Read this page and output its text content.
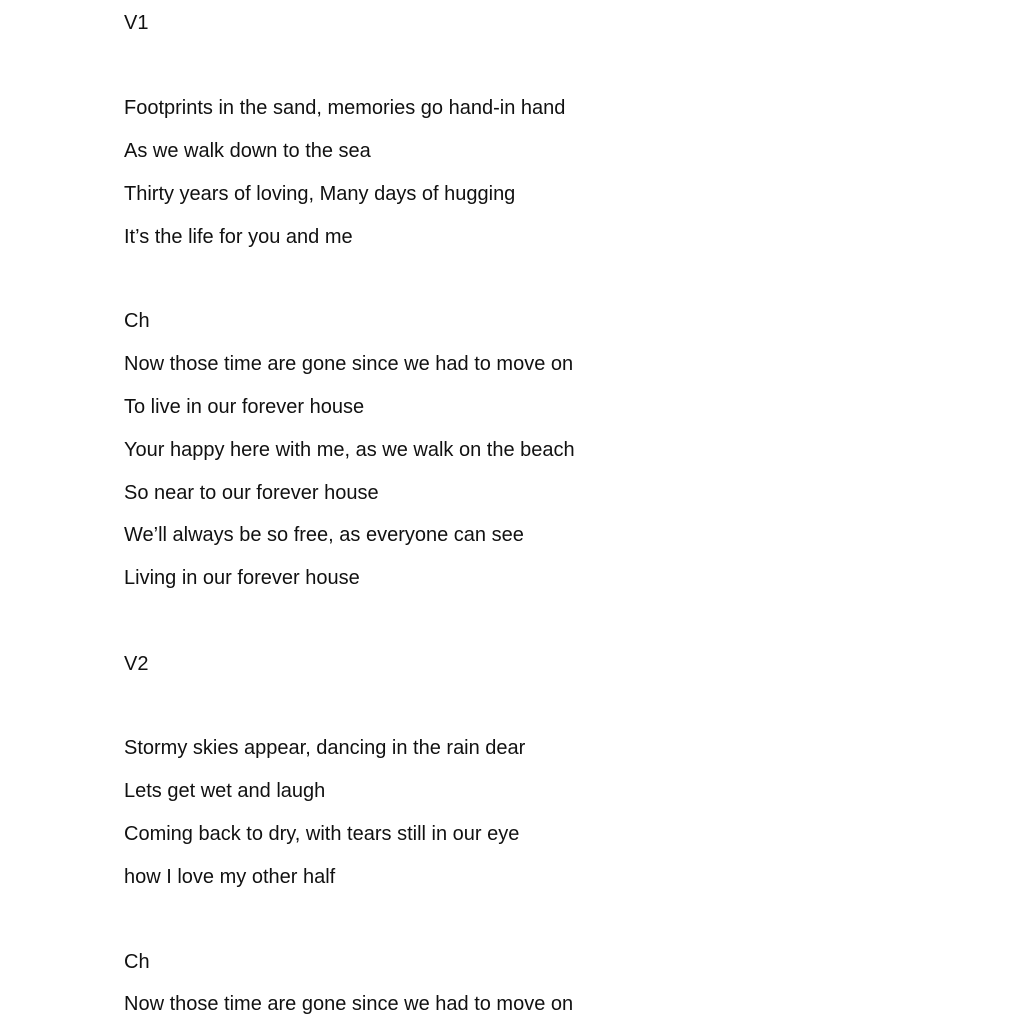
V1
Footprints in the sand, memories go hand-in hand
As we walk down to the sea
Thirty years of loving, Many days of hugging
It’s the life for you and me
Ch
Now those time are gone since we had to move on
To live in our forever house
Your happy here with me, as we walk on the beach
So near to our forever house
We’ll always be so free, as everyone can see
Living in our forever house
V2
Stormy skies appear, dancing in the rain dear
Lets get wet and laugh
Coming back to dry, with tears still in our eye
how I love my other half
Ch
Now those time are gone since we had to move on
